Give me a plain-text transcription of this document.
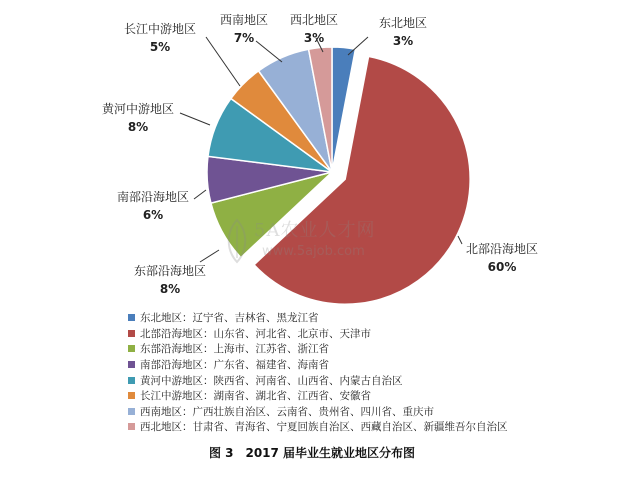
东北地区
3%
北部沿海地区
60%
东部沿海地区
8%
南部沿海地区
6%
黄河中游地区
8%
长江中游地区
5%
西南地区
7%
西北地区
3%
5A农业人才网
www.5ajob.com
东北地区：辽宁省、吉林省、黑龙江省
北部沿海地区：山东省、河北省、北京市、天津市
东部沿海地区：上海市、江苏省、浙江省
南部沿海地区：广东省、福建省、海南省
黄河中游地区：陕西省、河南省、山西省、内蒙古自治区
长江中游地区：湖南省、湖北省、江西省、安徽省
西南地区：广西壮族自治区、云南省、贵州省、四川省、重庆市
西北地区：甘肃省、青海省、宁夏回族自治区、西藏自治区、新疆维吾尔自治区
图 3　2017 届毕业生就业地区分布图
